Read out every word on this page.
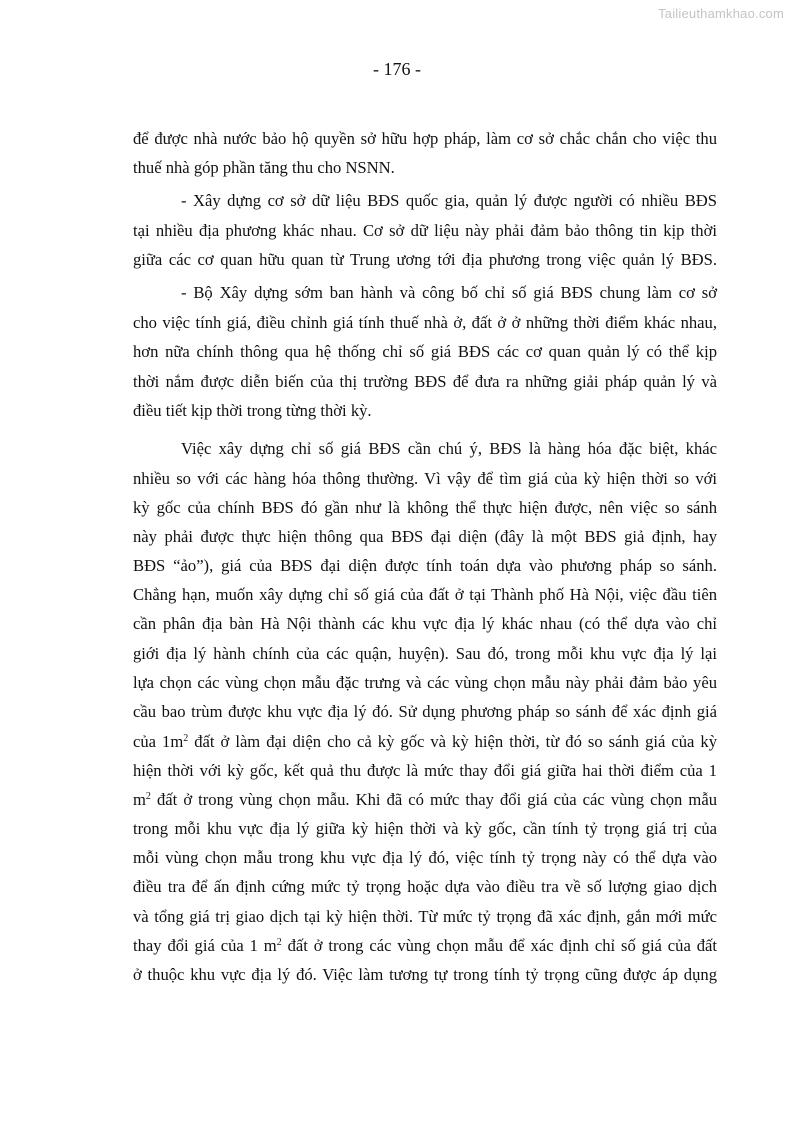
Tailieuthamkhao.com
- 176 -
để được nhà nước bảo hộ quyền sở hữu hợp pháp, làm cơ sở chắc chắn cho việc thu
thuế nhà góp phần tăng thu cho NSNN.
- Xây dựng cơ sở dữ liệu BĐS quốc gia, quản lý được người có nhiều BĐS
tại nhiều địa phương khác nhau. Cơ sở dữ liệu này phải đảm bảo thông tin kịp thời
giữa các cơ quan hữu quan từ Trung ương tới địa phương trong việc quản lý BĐS.
- Bộ Xây dựng sớm ban hành và công bố chỉ số giá BĐS chung làm cơ sở
cho việc tính giá, điều chỉnh giá tính thuế nhà ở, đất ở ở những thời điểm khác nhau,
hơn nữa chính thông qua hệ thống chỉ số giá BĐS các cơ quan quản lý có thể kịp
thời nắm được diễn biến của thị trường BĐS để đưa ra những giải pháp quản lý và
điều tiết kịp thời trong từng thời kỳ.
Việc xây dựng chỉ số giá BĐS cần chú ý, BĐS là hàng hóa đặc biệt, khác
nhiều so với các hàng hóa thông thường. Vì vậy để tìm giá của kỳ hiện thời so với
kỳ gốc của chính BĐS đó gần như là không thể thực hiện được, nên việc so sánh
này phải được thực hiện thông qua BĐS đại diện (đây là một BĐS giả định, hay
BĐS “ảo”), giá của BĐS đại diện được tính toán dựa vào phương pháp so sánh.
Chẳng hạn, muốn xây dựng chỉ số giá của đất ở tại Thành phố Hà Nội, việc đầu tiên
cần phân địa bàn Hà Nội thành các khu vực địa lý khác nhau (có thể dựa vào chỉ
giới địa lý hành chính của các quận, huyện). Sau đó, trong mỗi khu vực địa lý lại
lựa chọn các vùng chọn mẫu đặc trưng và các vùng chọn mẫu này phải đảm bảo yêu
cầu bao trùm được khu vực địa lý đó. Sử dụng phương pháp so sánh để xác định giá
của $1m^2$ đất ở làm đại diện cho cả kỳ gốc và kỳ hiện thời, từ đó so sánh giá của kỳ
hiện thời với kỳ gốc, kết quả thu được là mức thay đổi giá giữa hai thời điểm của 1
$m^2$ đất ở trong vùng chọn mẫu. Khi đã có mức thay đổi giá của các vùng chọn mẫu
trong mỗi khu vực địa lý giữa kỳ hiện thời và kỳ gốc, cần tính tỷ trọng giá trị của
mỗi vùng chọn mẫu trong khu vực địa lý đó, việc tính tỷ trọng này có thể dựa vào
điều tra để ấn định cứng mức tỷ trọng hoặc dựa vào điều tra về số lượng giao dịch
và tổng giá trị giao dịch tại kỳ hiện thời. Từ mức tỷ trọng đã xác định, gắn mới mức
thay đổi giá của 1 $m^2$ đất ở trong các vùng chọn mẫu để xác định chỉ số giá của đất
ở thuộc khu vực địa lý đó. Việc làm tương tự trong tính tỷ trọng cũng được áp dụng
